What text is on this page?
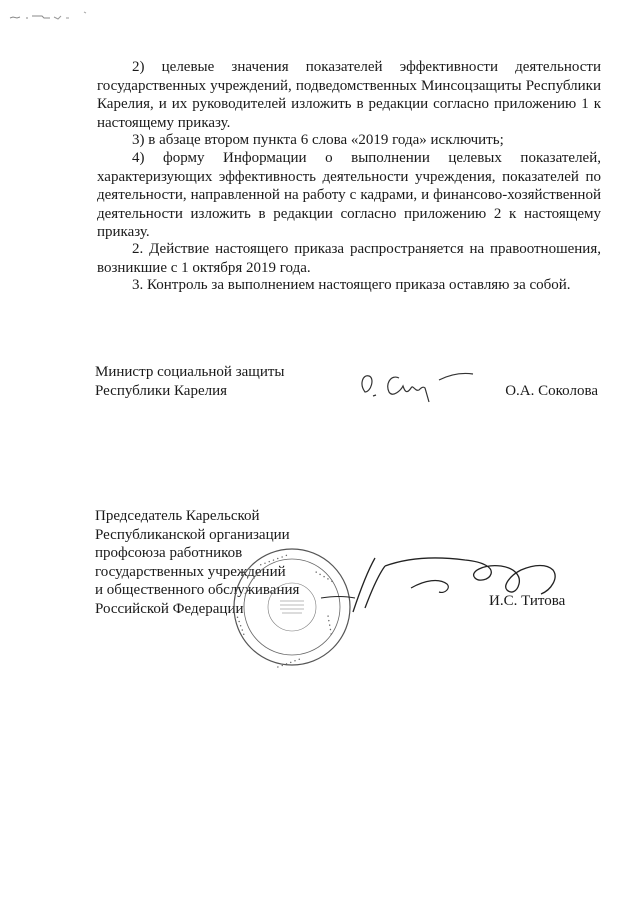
2) целевые значения показателей эффективности деятельности государственных учреждений, подведомственных Минсоцзащиты Республики Карелия, и их руководителей изложить в редакции согласно приложению 1 к настоящему приказу.

3) в абзаце втором пункта 6 слова «2019 года» исключить;

4) форму Информации о выполнении целевых показателей, характеризующих эффективность деятельности учреждения, показателей по деятельности, направленной на работу с кадрами, и финансово-хозяйственной деятельности изложить в редакции согласно приложению 2 к настоящему приказу.

2. Действие настоящего приказа распространяется на правоотношения, возникшие с 1 октября 2019 года.

3. Контроль за выполнением настоящего приказа оставляю за собой.

Министр социальной защиты
Республики Карелия	О.А. Соколова
Председатель Карельской
Республиканской организации
профсоюза работников
государственных учреждений
и общественного обслуживания
Российской Федерации
• • • • • • •
• • • • •
• • • • •
• • • • • •
• • • • •
И.С. Титова
